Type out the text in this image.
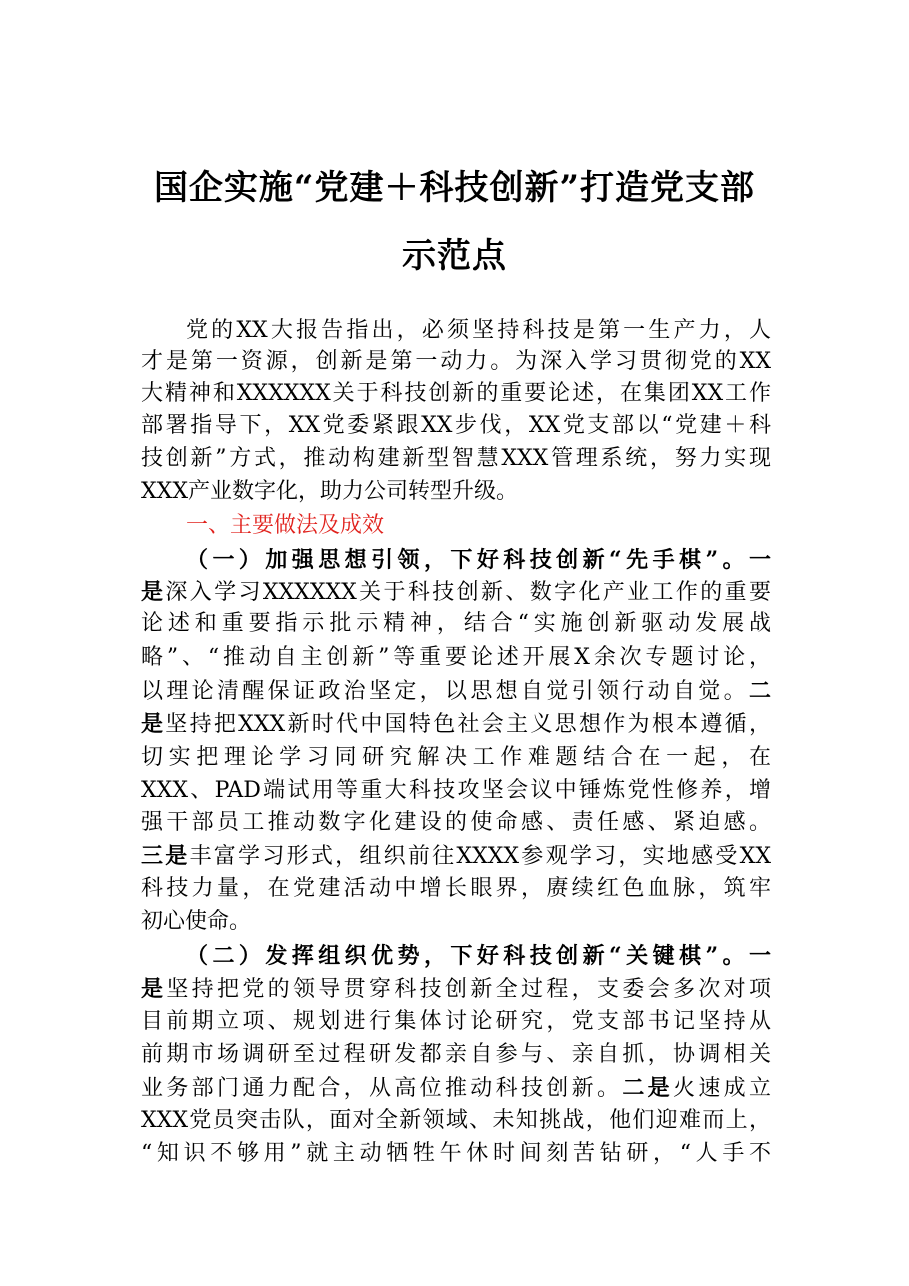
国企实施“党建＋科技创新”打造党支部
示范点
党的XX大报告指出，必须坚持科技是第一生产力，人
才是第一资源，创新是第一动力。为深入学习贯彻党的XX
大精神和XXXXXX关于科技创新的重要论述，在集团XX工作
部署指导下，XX党委紧跟XX步伐，XX党支部以“党建＋科
技创新”方式，推动构建新型智慧XXX管理系统，努力实现
XXX产业数字化，助力公司转型升级。
一、主要做法及成效
（一）加强思想引领，下好科技创新“先手棋”。一
是深入学习XXXXXX关于科技创新、数字化产业工作的重要
论述和重要指示批示精神，结合“实施创新驱动发展战
略”、“推动自主创新”等重要论述开展X余次专题讨论，
以理论清醒保证政治坚定，以思想自觉引领行动自觉。二
是坚持把XXX新时代中国特色社会主义思想作为根本遵循，
切实把理论学习同研究解决工作难题结合在一起，在
XXX、PAD端试用等重大科技攻坚会议中锤炼党性修养，增
强干部员工推动数字化建设的使命感、责任感、紧迫感。
三是丰富学习形式，组织前往XXXX参观学习，实地感受XX
科技力量，在党建活动中增长眼界，赓续红色血脉，筑牢
初心使命。
（二）发挥组织优势，下好科技创新“关键棋”。一
是坚持把党的领导贯穿科技创新全过程，支委会多次对项
目前期立项、规划进行集体讨论研究，党支部书记坚持从
前期市场调研至过程研发都亲自参与、亲自抓，协调相关
业务部门通力配合，从高位推动科技创新。二是火速成立
XXX党员突击队，面对全新领域、未知挑战，他们迎难而上，
“知识不够用”就主动牺牲午休时间刻苦钻研，“人手不
